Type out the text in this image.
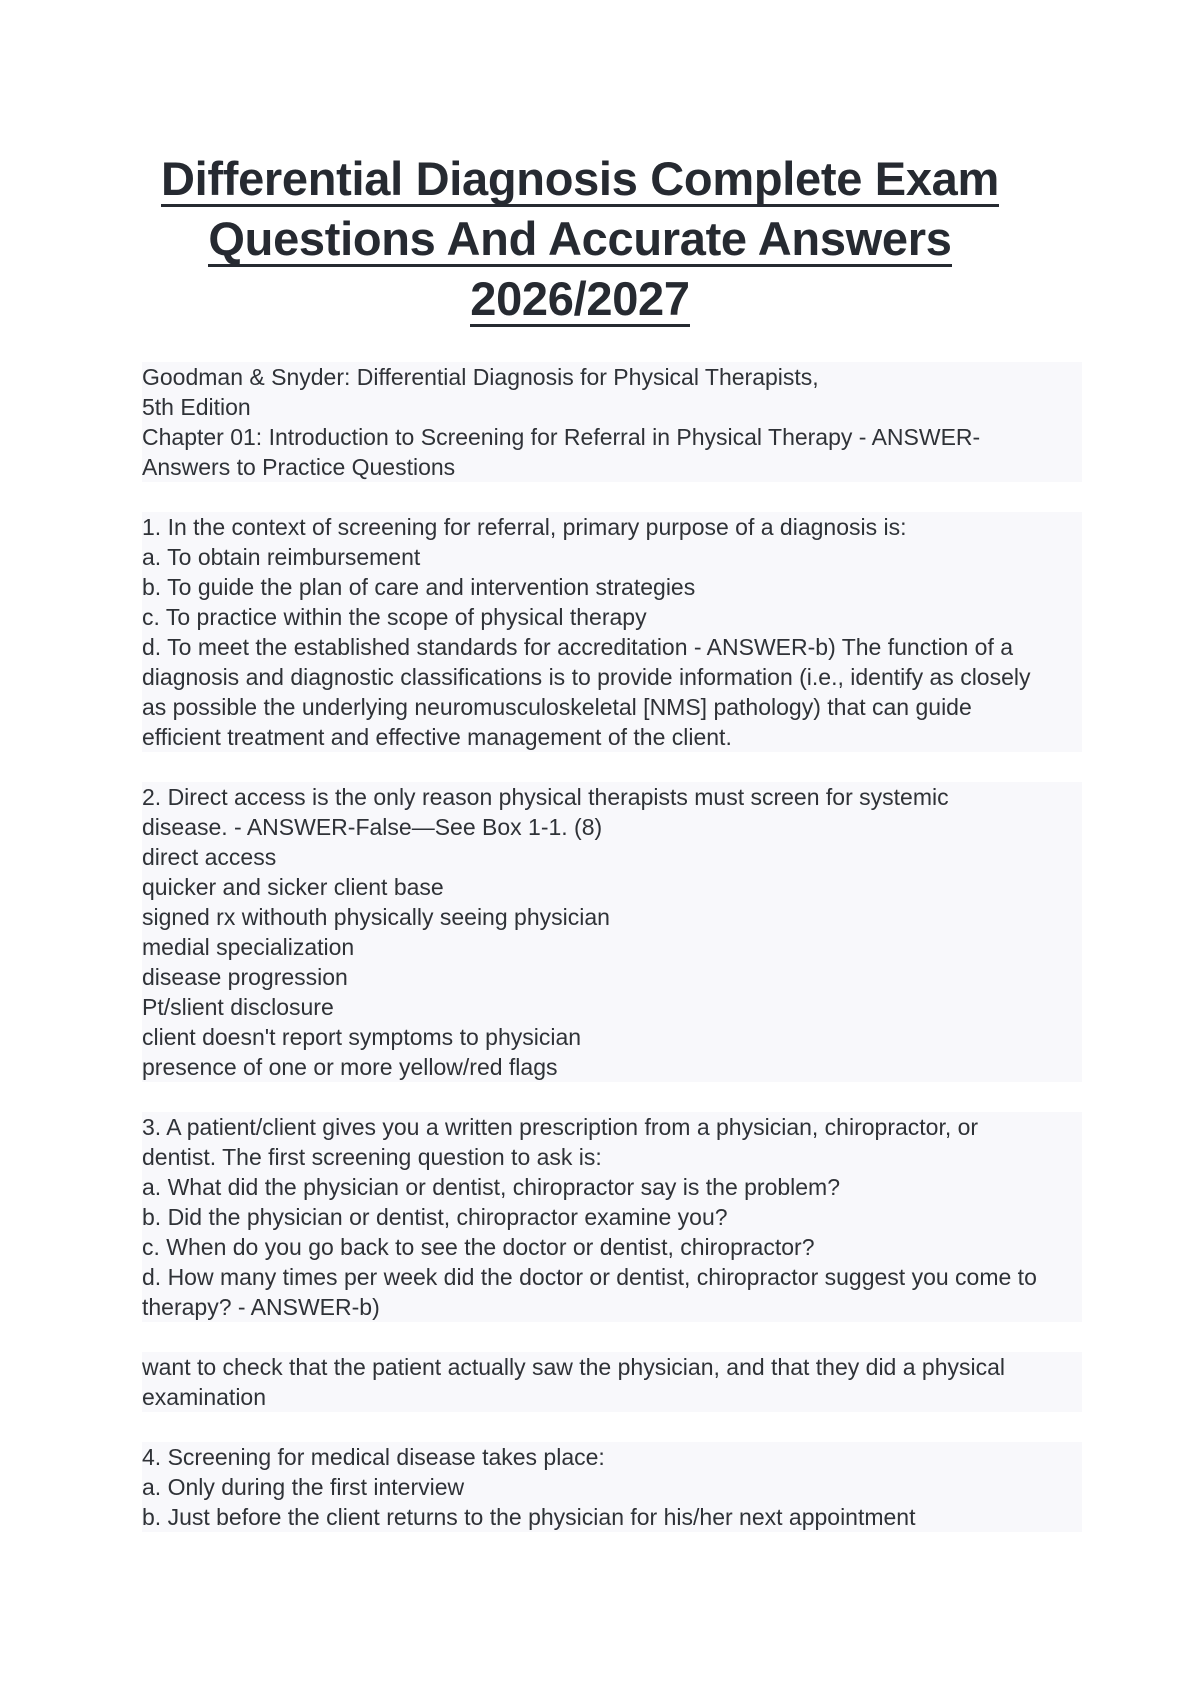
Differential Diagnosis Complete Exam
Questions And Accurate Answers
2026/2027
Goodman & Snyder: Differential Diagnosis for Physical Therapists,
5th Edition
Chapter 01: Introduction to Screening for Referral in Physical Therapy - ANSWER-
Answers to Practice Questions
1. In the context of screening for referral, primary purpose of a diagnosis is:
a. To obtain reimbursement
b. To guide the plan of care and intervention strategies
c. To practice within the scope of physical therapy
d. To meet the established standards for accreditation - ANSWER-b) The function of a
diagnosis and diagnostic classifications is to provide information (i.e., identify as closely
as possible the underlying neuromusculoskeletal [NMS] pathology) that can guide
efficient treatment and effective management of the client.
2. Direct access is the only reason physical therapists must screen for systemic
disease. - ANSWER-False—See Box 1-1. (8)
direct access
quicker and sicker client base
signed rx withouth physically seeing physician
medial specialization
disease progression
Pt/slient disclosure
client doesn't report symptoms to physician
presence of one or more yellow/red flags
3. A patient/client gives you a written prescription from a physician, chiropractor, or
dentist. The first screening question to ask is:
a. What did the physician or dentist, chiropractor say is the problem?
b. Did the physician or dentist, chiropractor examine you?
c. When do you go back to see the doctor or dentist, chiropractor?
d. How many times per week did the doctor or dentist, chiropractor suggest you come to
therapy? - ANSWER-b)
want to check that the patient actually saw the physician, and that they did a physical
examination
4. Screening for medical disease takes place:
a. Only during the first interview
b. Just before the client returns to the physician for his/her next appointment
